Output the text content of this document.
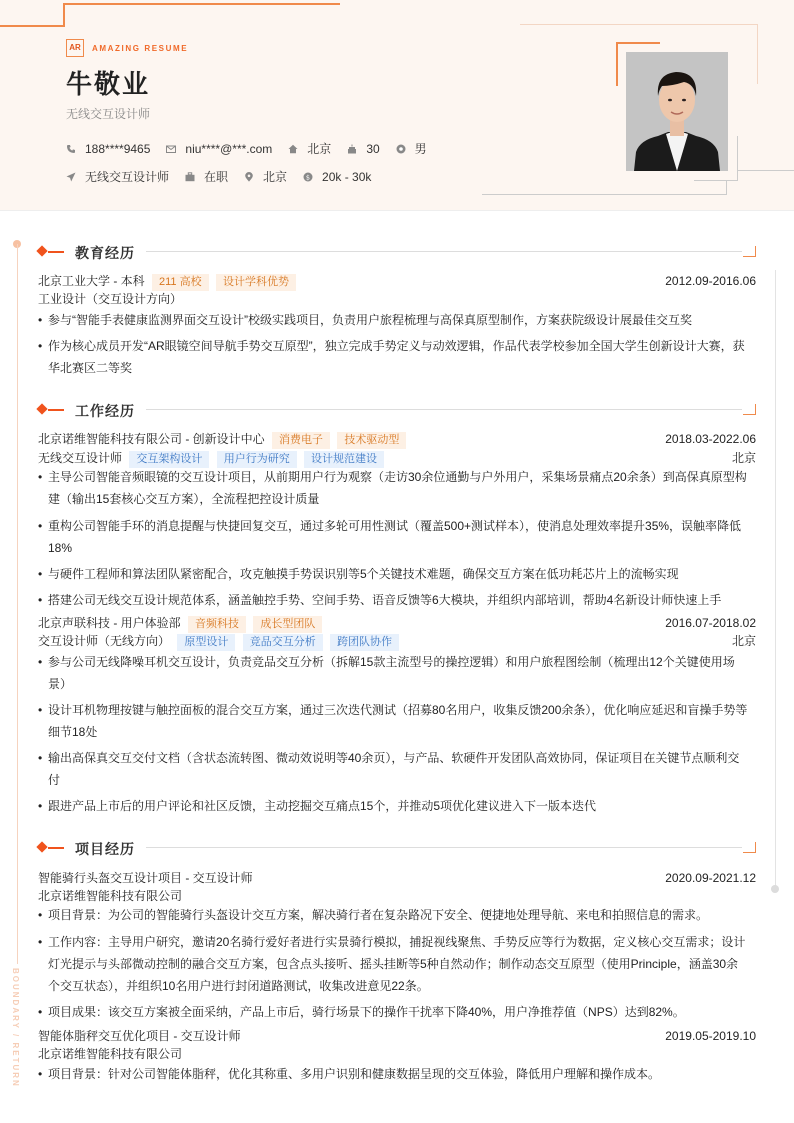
AR	AMAZING RESUME
牛敬业
无线交互设计师
188****9465	niu****@***.com	北京	30	男
无线交互设计师	在职	北京	$ 20k - 30k
BOUNDARY / RETURN
教育经历
北京工业大学 - 本科 211 高校 设计学科优势	2012.09-2016.06
工业设计（交互设计方向）
• 参与“智能手表健康监测界面交互设计”校级实践项目，负责用户旅程梳理与高保真原型制作，方案获院级设计展最佳交互奖
• 作为核心成员开发“AR眼镜空间导航手势交互原型”，独立完成手势定义与动效逻辑，作品代表学校参加全国大学生创新设计大赛，获华北赛区二等奖
工作经历
北京诺维智能科技有限公司 - 创新设计中心 消费电子 技术驱动型	2018.03-2022.06
无线交互设计师 交互架构设计 用户行为研究 设计规范建设	北京
• 主导公司智能音频眼镜的交互设计项目，从前期用户行为观察（走访30余位通勤与户外用户，采集场景痛点20余条）到高保真原型构建（输出15套核心交互方案），全流程把控设计质量
• 重构公司智能手环的消息提醒与快捷回复交互，通过多轮可用性测试（覆盖500+测试样本），使消息处理效率提升35%，误触率降低18%
• 与硬件工程师和算法团队紧密配合，攻克触摸手势误识别等5个关键技术难题，确保交互方案在低功耗芯片上的流畅实现
• 搭建公司无线交互设计规范体系，涵盖触控手势、空间手势、语音反馈等6大模块，并组织内部培训，帮助4名新设计师快速上手
北京声联科技 - 用户体验部 音频科技 成长型团队	2016.07-2018.02
交互设计师（无线方向） 原型设计 竞品交互分析 跨团队协作	北京
• 参与公司无线降噪耳机交互设计，负责竞品交互分析（拆解15款主流型号的操控逻辑）和用户旅程图绘制（梳理出12个关键使用场景）
• 设计耳机物理按键与触控面板的混合交互方案，通过三次迭代测试（招募80名用户，收集反馈200余条），优化响应延迟和盲操手势等细节18处
• 输出高保真交互交付文档（含状态流转图、微动效说明等40余页），与产品、软硬件开发团队高效协同，保证项目在关键节点顺利交付
• 跟进产品上市后的用户评论和社区反馈，主动挖掘交互痛点15个，并推动5项优化建议进入下一版本迭代
项目经历
智能骑行头盔交互设计项目 - 交互设计师	2020.09-2021.12
北京诺维智能科技有限公司
• 项目背景：为公司的智能骑行头盔设计交互方案，解决骑行者在复杂路况下安全、便捷地处理导航、来电和拍照信息的需求。
• 工作内容：主导用户研究，邀请20名骑行爱好者进行实景骑行模拟，捕捉视线聚焦、手势反应等行为数据，定义核心交互需求；设计灯光提示与头部微动控制的融合交互方案，包含点头接听、摇头挂断等5种自然动作；制作动态交互原型（使用Principle，涵盖30余个交互状态），并组织10名用户进行封闭道路测试，收集改进意见22条。
• 项目成果：该交互方案被全面采纳，产品上市后，骑行场景下的操作干扰率下降40%，用户净推荐值（NPS）达到82%。
智能体脂秤交互优化项目 - 交互设计师	2019.05-2019.10
北京诺维智能科技有限公司
• 项目背景：针对公司智能体脂秤，优化其称重、多用户识别和健康数据呈现的交互体验，降低用户理解和操作成本。
